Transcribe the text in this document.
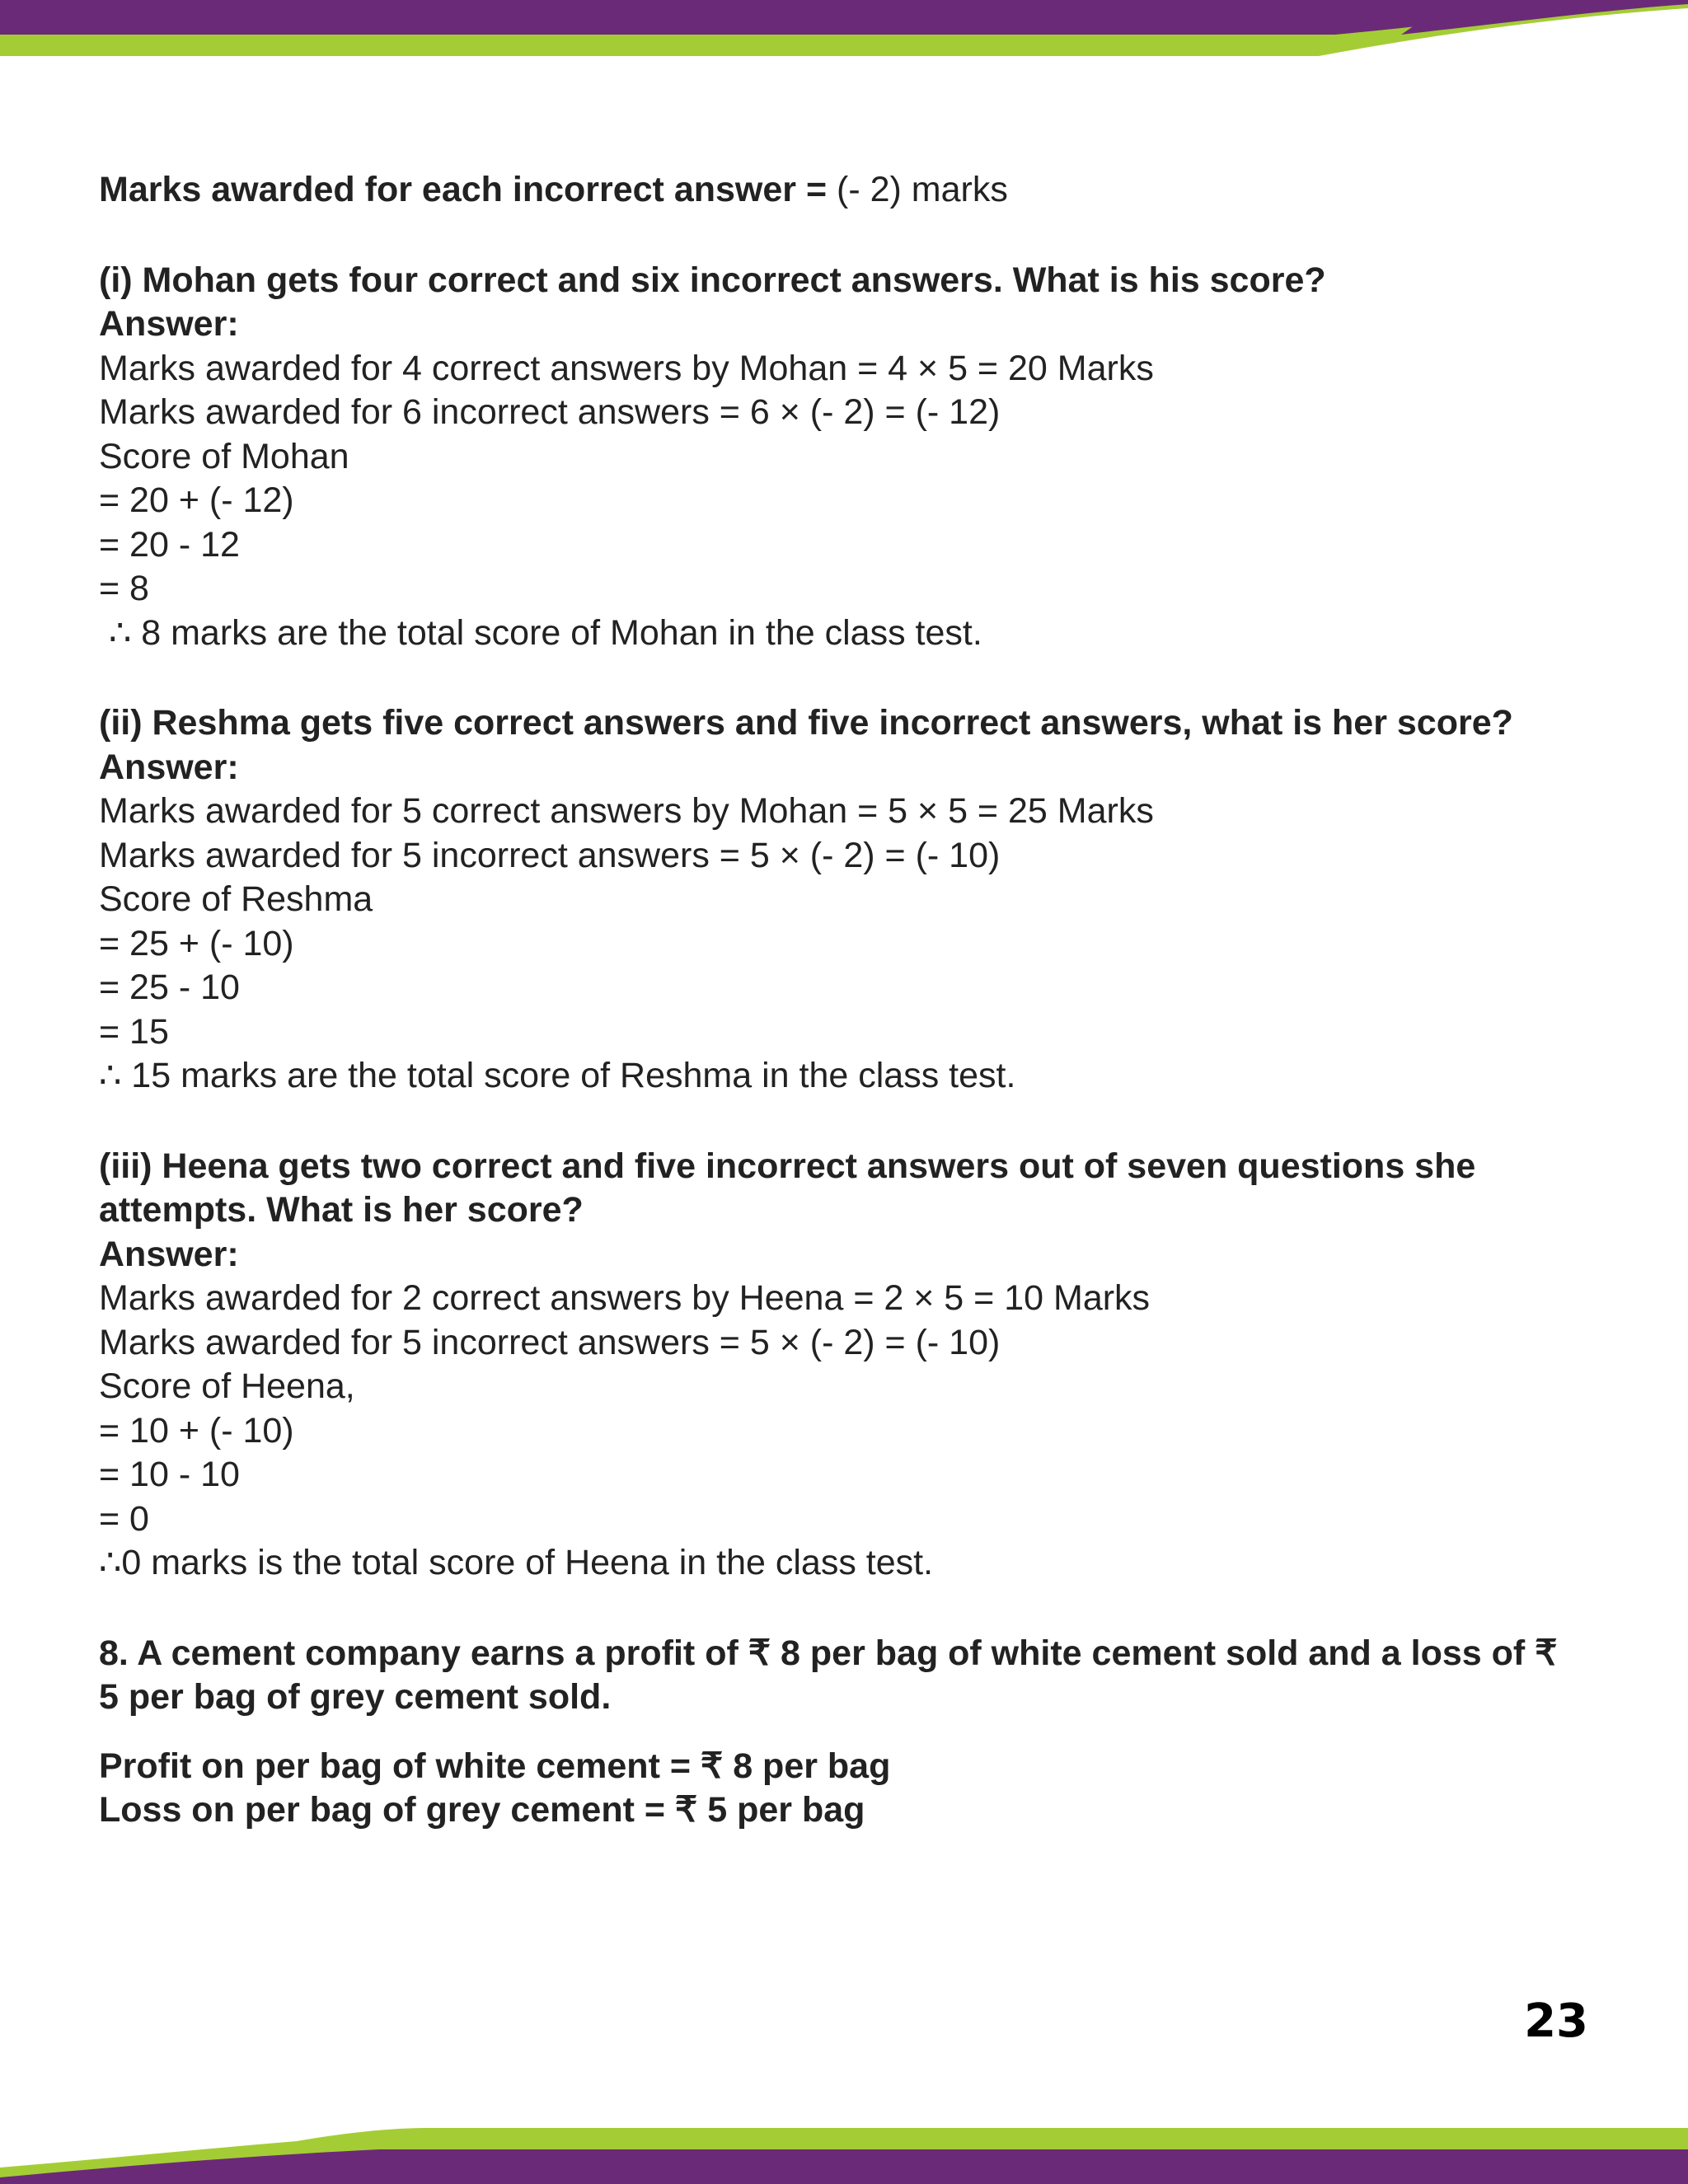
Marks awarded for each incorrect answer = (- 2) marks
(i) Mohan gets four correct and six incorrect answers. What is his score?
Answer:
Marks awarded for 4 correct answers by Mohan = 4 × 5 = 20 Marks
Marks awarded for 6 incorrect answers = 6 × (- 2) = (- 12)
Score of Mohan
= 20 + (- 12)
= 20 - 12
= 8
∴ 8 marks are the total score of Mohan in the class test.
(ii) Reshma gets five correct answers and five incorrect answers, what is her score?
Answer:
Marks awarded for 5 correct answers by Mohan = 5 × 5 = 25 Marks
Marks awarded for 5 incorrect answers = 5 × (- 2) = (- 10)
Score of Reshma
= 25 + (- 10)
= 25 - 10
= 15
∴ 15 marks are the total score of Reshma in the class test.
(iii) Heena gets two correct and five incorrect answers out of seven questions she attempts. What is her score?
Answer:
Marks awarded for 2 correct answers by Heena = 2 × 5 = 10 Marks
Marks awarded for 5 incorrect answers = 5 × (- 2) = (- 10)
Score of Heena,
= 10 + (- 10)
= 10 - 10
= 0
∴0 marks is the total score of Heena in the class test.
8. A cement company earns a profit of ₹ 8 per bag of white cement sold and a loss of ₹ 5 per bag of grey cement sold.
Profit on per bag of white cement = ₹ 8 per bag
Loss on per bag of grey cement = ₹ 5 per bag
23
